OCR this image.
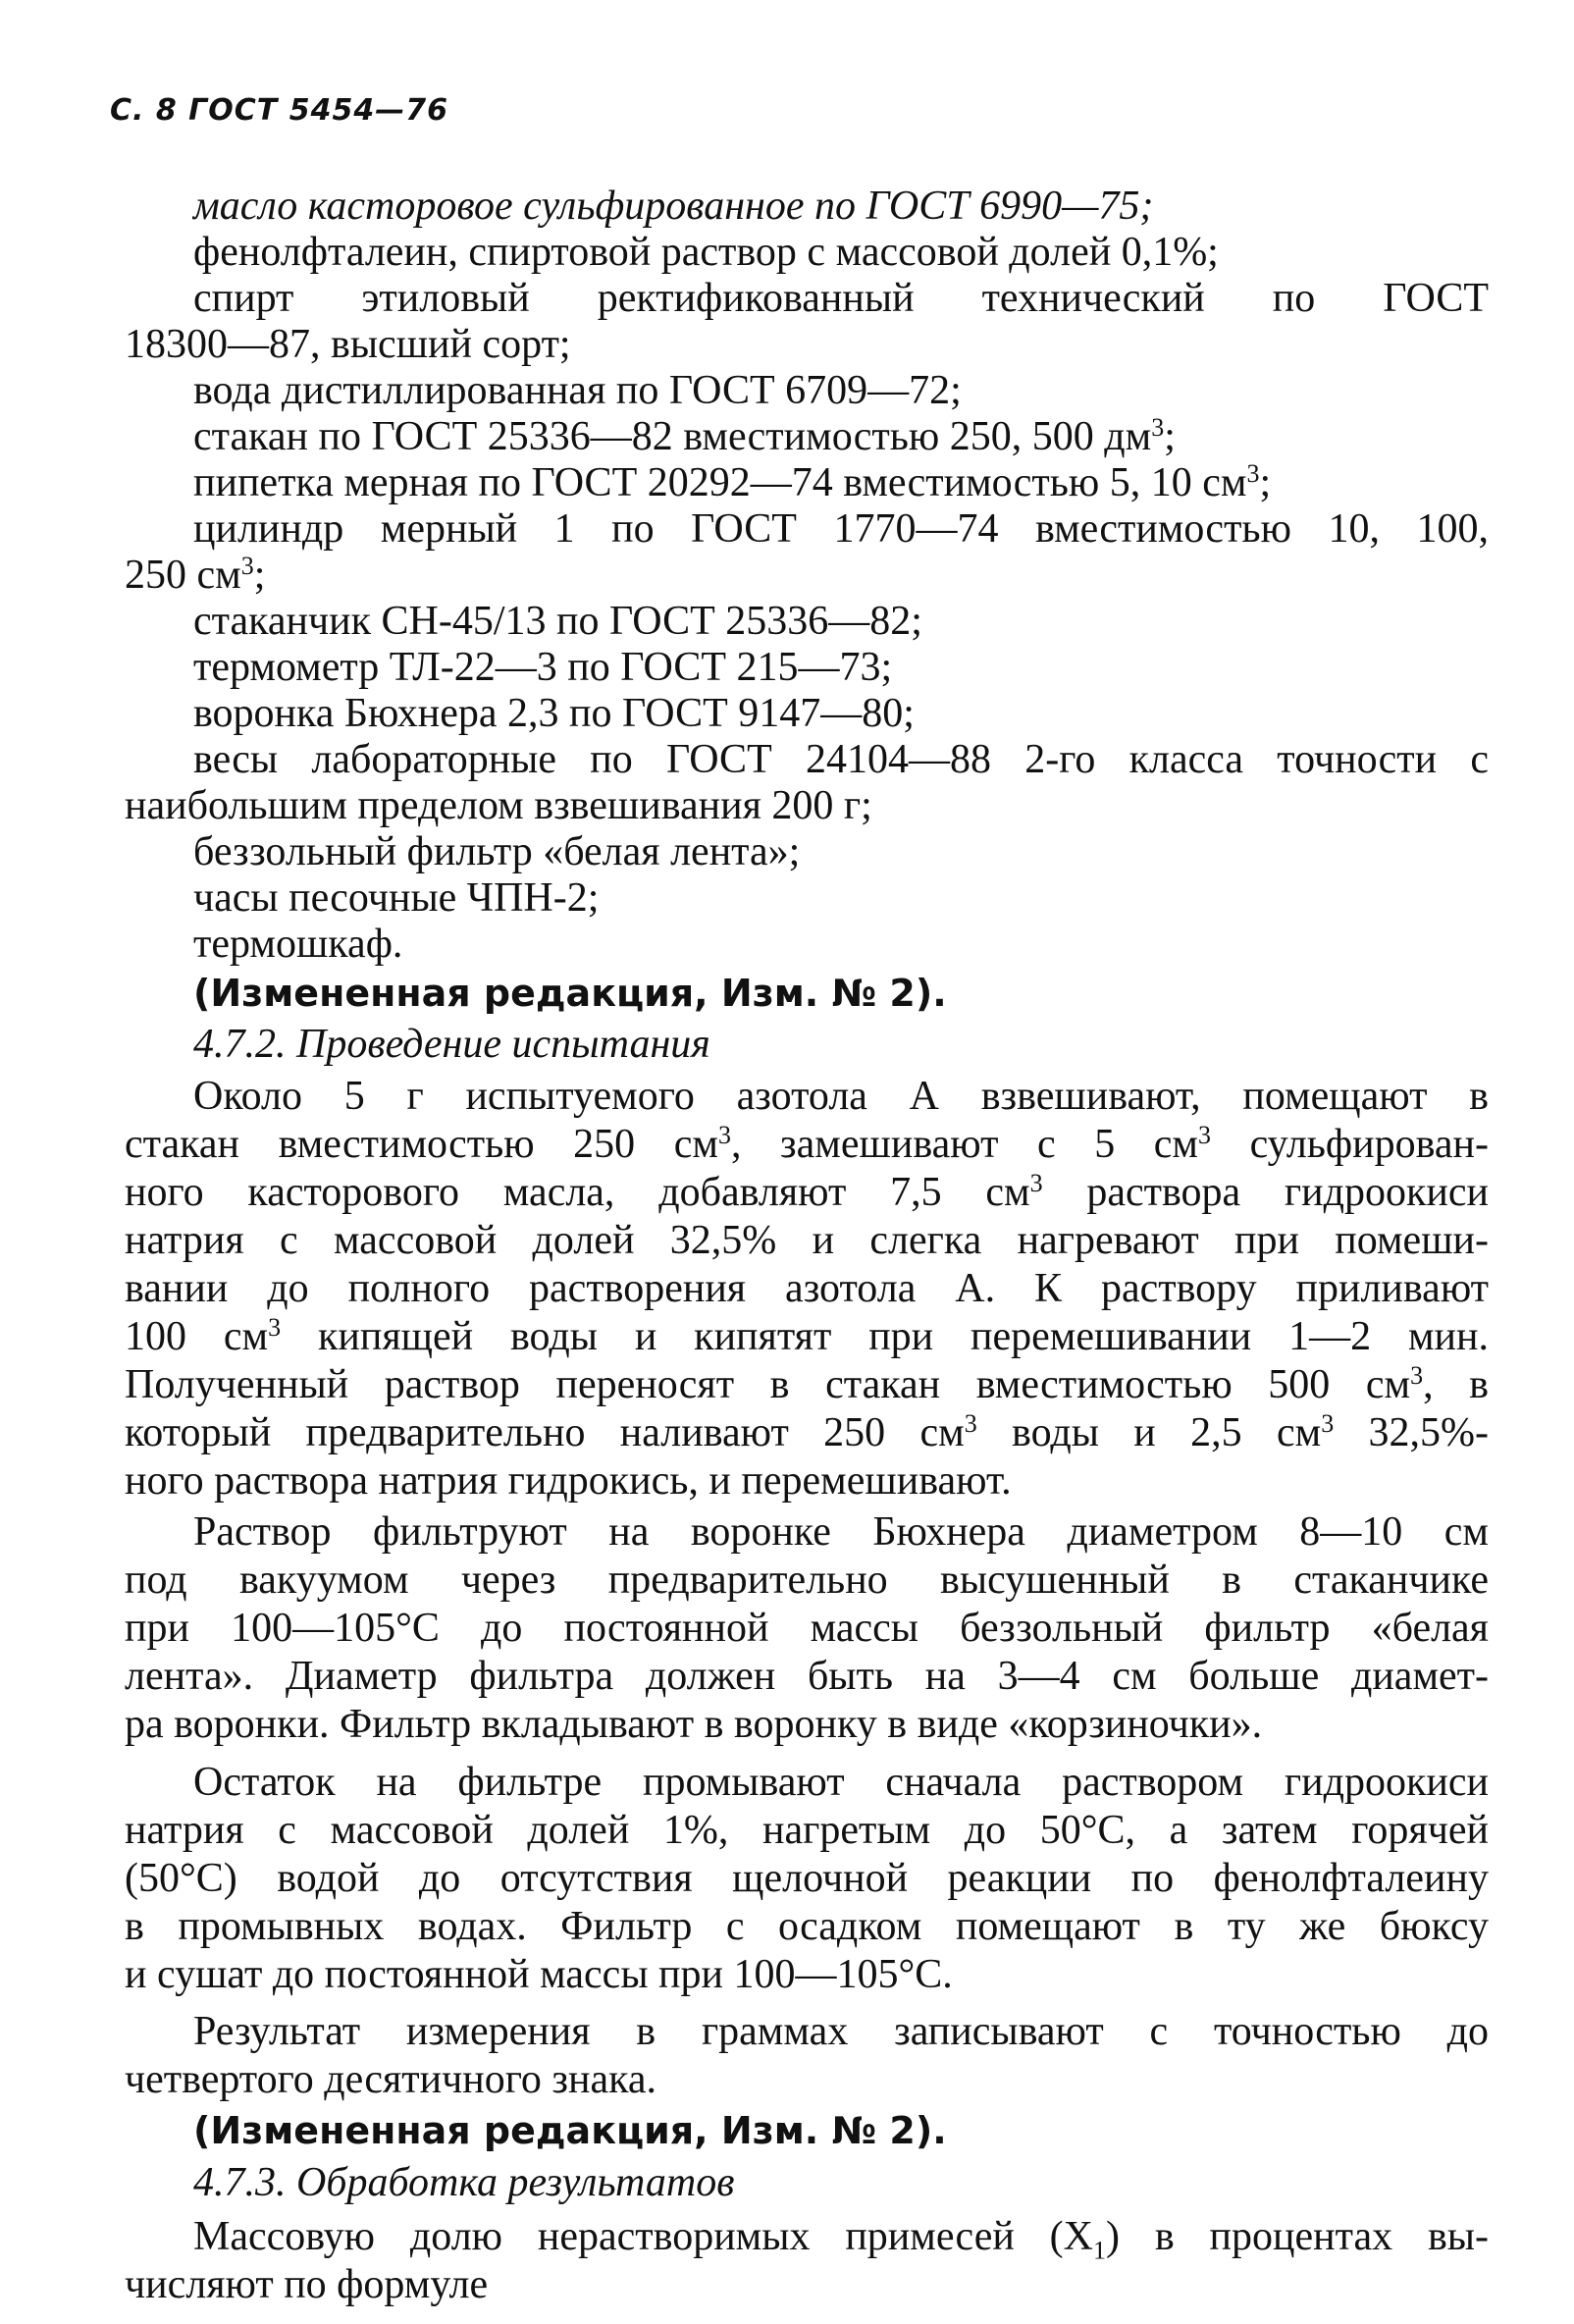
С. 8 ГОСТ 5454—76
масло касторовое сульфированное по ГОСТ 6990—75;
фенолфталеин, спиртовой раствор с массовой долей 0,1%;
спирт этиловый ректификованный технический по ГОСТ
18300—87, высший сорт;
вода дистиллированная по ГОСТ 6709—72;
стакан по ГОСТ 25336—82 вместимостью 250, 500 $дм^3$;
пипетка мерная по ГОСТ 20292—74 вместимостью 5, 10 $см^3$;
цилиндр мерный 1 по ГОСТ 1770—74 вместимостью 10, 100,
250 $см^3$;
стаканчик СН-45/13 по ГОСТ 25336—82;
термометр ТЛ-22—3 по ГОСТ 215—73;
воронка Бюхнера 2,3 по ГОСТ 9147—80;
весы лабораторные по ГОСТ 24104—88 2-го класса точности с
наибольшим пределом взвешивания 200 г;
беззольный фильтр «белая лента»;
часы песочные ЧПН-2;
термошкаф.
(Измененная редакция, Изм. № 2).
4.7.2. Проведение испытания
Около 5 г испытуемого азотола А взвешивают, помещают в
стакан вместимостью 250 $см^3$, замешивают с 5 $см^3$ сульфирован-
ного касторового масла, добавляют 7,5 $см^3$ раствора гидроокиси
натрия с массовой долей 32,5% и слегка нагревают при помеши-
вании до полного растворения азотола А. К раствору приливают
100 $см^3$ кипящей воды и кипятят при перемешивании 1—2 мин.
Полученный раствор переносят в стакан вместимостью 500 $см^3$, в
который предварительно наливают 250 $см^3$ воды и 2,5 $см^3$ 32,5%-
ного раствора натрия гидрокись, и перемешивают.
Раствор фильтруют на воронке Бюхнера диаметром 8—10 см
под вакуумом через предварительно высушенный в стаканчике
при 100—105°С до постоянной массы беззольный фильтр «белая
лента». Диаметр фильтра должен быть на 3—4 см больше диамет-
ра воронки. Фильтр вкладывают в воронку в виде «корзиночки».
Остаток на фильтре промывают сначала раствором гидроокиси
натрия с массовой долей 1%, нагретым до 50°С, а затем горячей
(50°С) водой до отсутствия щелочной реакции по фенолфталеину
в промывных водах. Фильтр с осадком помещают в ту же бюксу
и сушат до постоянной массы при 100—105°С.
Результат измерения в граммах записывают с точностью до
четвертого десятичного знака.
(Измененная редакция, Изм. № 2).
4.7.3. Обработка результатов
Массовую долю нерастворимых примесей $(X_1)$ в процентах вы-
числяют по формуле
